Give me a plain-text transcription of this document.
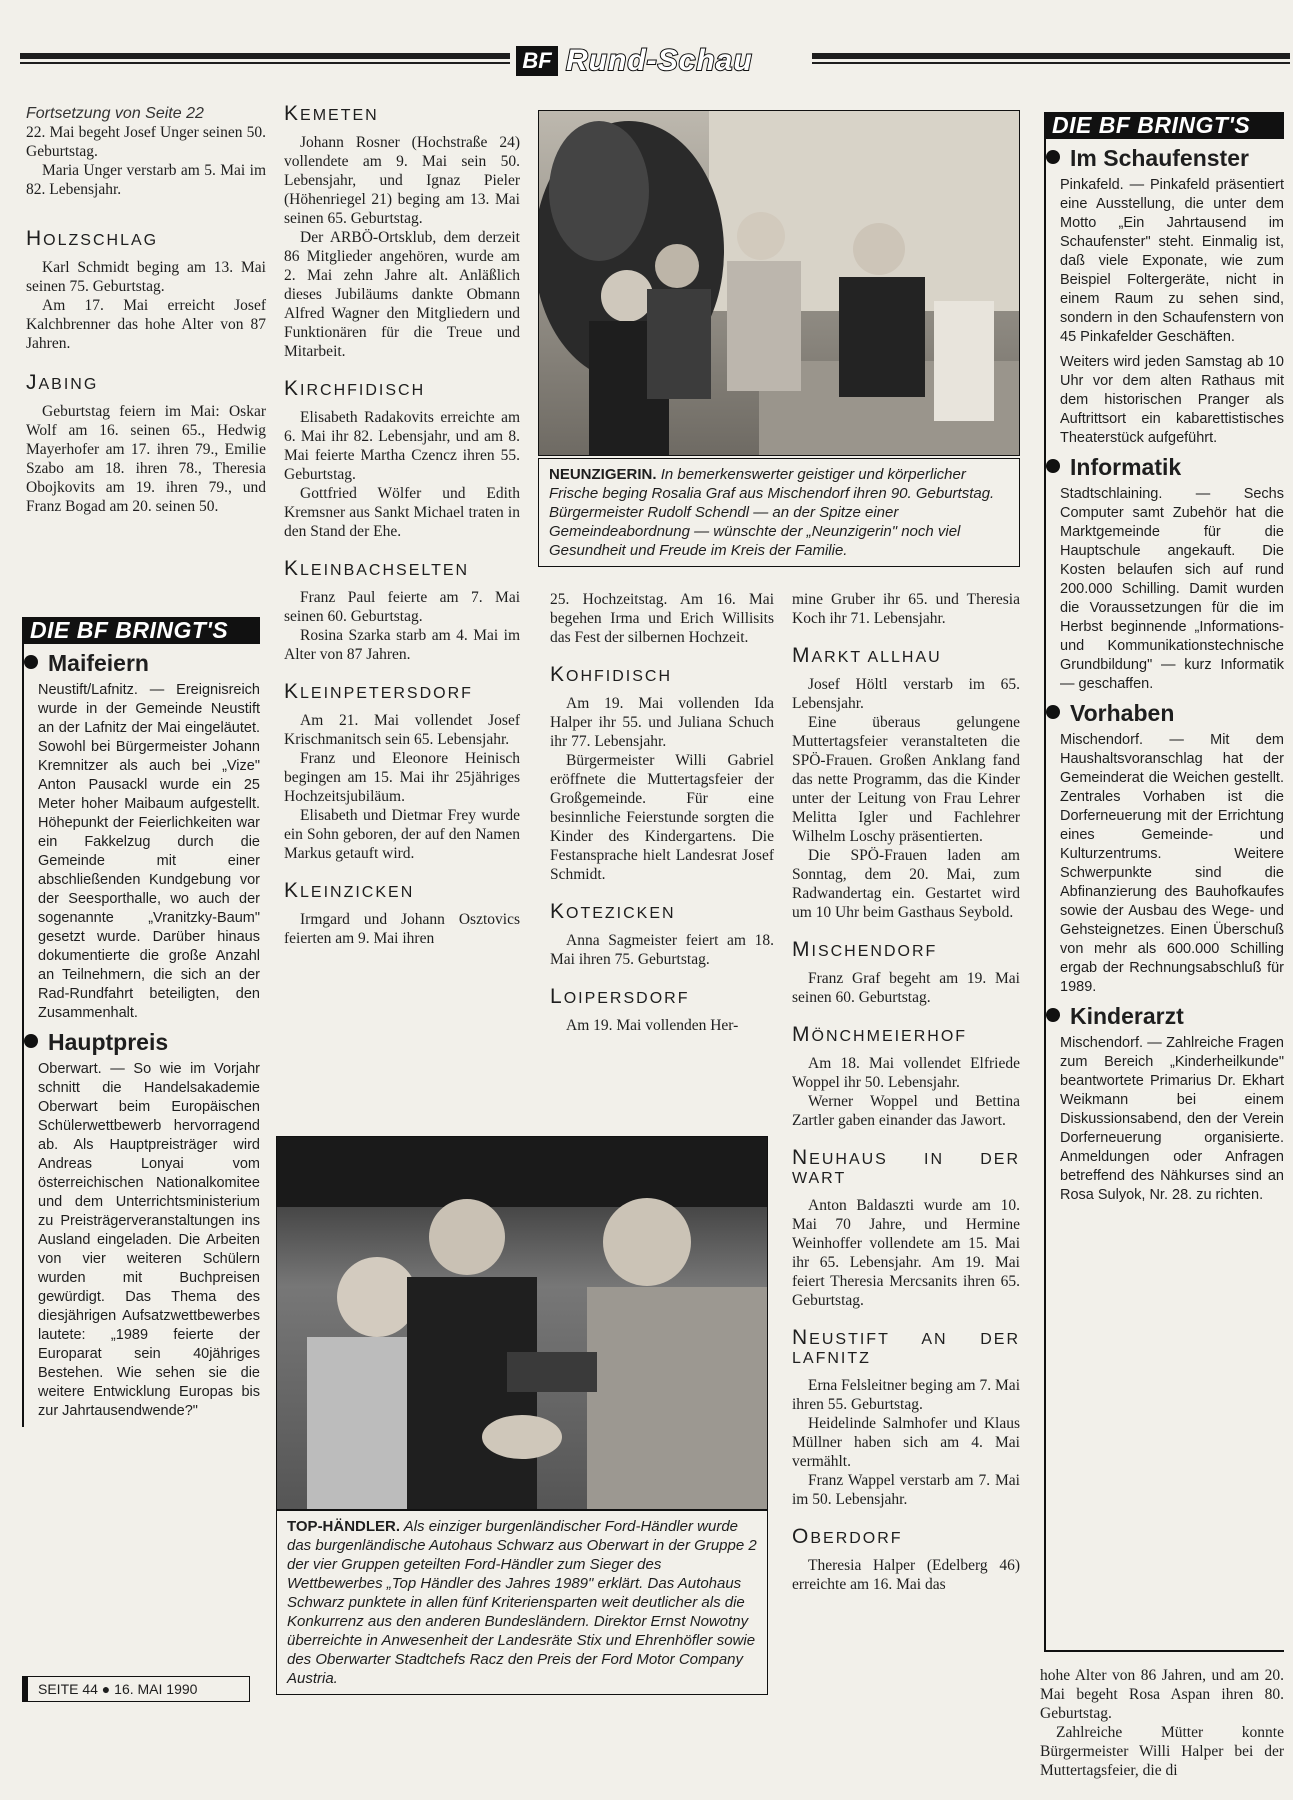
BF Rund-Schau
Fortsetzung von Seite 22

22. Mai begeht Josef Unger seinen 50. Geburtstag.

Maria Unger verstarb am 5. Mai im 82. Lebensjahr.

HOLZSCHLAG

Karl Schmidt beging am 13. Mai seinen 75. Geburtstag.

Am 17. Mai erreicht Josef Kalchbrenner das hohe Alter von 87 Jahren.

JABING

Geburtstag feiern im Mai: Oskar Wolf am 16. seinen 65., Hedwig Mayerhofer am 17. ihren 79., Emilie Szabo am 18. ihren 78., Theresia Obojkovits am 19. ihren 79., und Franz Bogad am 20. seinen 50.

DIE BF BRINGT'S
Maifeiern

Neustift/Lafnitz. — Ereignisreich wurde in der Gemeinde Neustift an der Lafnitz der Mai eingeläutet. Sowohl bei Bürgermeister Johann Kremnitzer als auch bei „Vize" Anton Pausackl wurde ein 25 Meter hoher Maibaum aufgestellt. Höhepunkt der Feierlichkeiten war ein Fakkelzug durch die Gemeinde mit einer abschließenden Kundgebung vor der Seesporthalle, wo auch der sogenannte „Vranitzky-Baum" gesetzt wurde. Darüber hinaus dokumentierte die große Anzahl an Teilnehmern, die sich an der Rad-Rundfahrt beteiligten, den Zusammenhalt.

Hauptpreis

Oberwart. — So wie im Vorjahr schnitt die Handelsakademie Oberwart beim Europäischen Schülerwettbewerb hervorragend ab. Als Hauptpreisträger wird Andreas Lonyai vom österreichischen Nationalkomitee und dem Unterrichtsministerium zu Preisträgerveranstaltungen ins Ausland eingeladen. Die Arbeiten von vier weiteren Schülern wurden mit Buchpreisen gewürdigt. Das Thema des diesjährigen Aufsatzwettbewerbes lautete: „1989 feierte der Europarat sein 40jähriges Bestehen. Wie sehen sie die weitere Entwicklung Europas bis zur Jahrtausendwende?"

SEITE 44 ● 16. MAI 1990
KEMETEN

Johann Rosner (Hochstraße 24) vollendete am 9. Mai sein 50. Lebensjahr, und Ignaz Pieler (Höhenriegel 21) beging am 13. Mai seinen 65. Geburtstag.

Der ARBÖ-Ortsklub, dem derzeit 86 Mitglieder angehören, wurde am 2. Mai zehn Jahre alt. Anläßlich dieses Jubiläums dankte Obmann Alfred Wagner den Mitgliedern und Funktionären für die Treue und Mitarbeit.

KIRCHFIDISCH

Elisabeth Radakovits erreichte am 6. Mai ihr 82. Lebensjahr, und am 8. Mai feierte Martha Czencz ihren 55. Geburtstag.

Gottfried Wölfer und Edith Kremsner aus Sankt Michael traten in den Stand der Ehe.

KLEINBACHSELTEN

Franz Paul feierte am 7. Mai seinen 60. Geburtstag.

Rosina Szarka starb am 4. Mai im Alter von 87 Jahren.

KLEINPETERSDORF

Am 21. Mai vollendet Josef Krischmanitsch sein 65. Lebensjahr.

Franz und Eleonore Heinisch begingen am 15. Mai ihr 25jähriges Hochzeitsjubiläum.

Elisabeth und Dietmar Frey wurde ein Sohn geboren, der auf den Namen Markus getauft wird.

KLEINZICKEN

Irmgard und Johann Osztovics feierten am 9. Mai ihren

NEUNZIGERIN. In bemerkenswerter geistiger und körperlicher Frische beging Rosalia Graf aus Mischendorf ihren 90. Geburtstag. Bürgermeister Rudolf Schendl — an der Spitze einer Gemeindeabordnung — wünschte der „Neunzigerin" noch viel Gesundheit und Freude im Kreis der Familie.

25. Hochzeitstag. Am 16. Mai begehen Irma und Erich Willisits das Fest der silbernen Hochzeit.

KOHFIDISCH

Am 19. Mai vollenden Ida Halper ihr 55. und Juliana Schuch ihr 77. Lebensjahr.

Bürgermeister Willi Gabriel eröffnete die Muttertagsfeier der Großgemeinde. Für eine besinnliche Feierstunde sorgten die Kinder des Kindergartens. Die Festansprache hielt Landesrat Josef Schmidt.

KOTEZICKEN

Anna Sagmeister feiert am 18. Mai ihren 75. Geburtstag.

LOIPERSDORF

Am 19. Mai vollenden Her-

TOP-HÄNDLER. Als einziger burgenländischer Ford-Händler wurde das burgenländische Autohaus Schwarz aus Oberwart in der Gruppe 2 der vier Gruppen geteilten Ford-Händler zum Sieger des Wettbewerbes „Top Händler des Jahres 1989" erklärt. Das Autohaus Schwarz punktete in allen fünf Kriteriensparten weit deutlicher als die Konkurrenz aus den anderen Bundesländern. Direktor Ernst Nowotny überreichte in Anwesenheit der Landesräte Stix und Ehrenhöfler sowie des Oberwarter Stadtchefs Racz den Preis der Ford Motor Company Austria.

mine Gruber ihr 65. und Theresia Koch ihr 71. Lebensjahr.

MARKT ALLHAU

Josef Höltl verstarb im 65. Lebensjahr.

Eine überaus gelungene Muttertagsfeier veranstalteten die SPÖ-Frauen. Großen Anklang fand das nette Programm, das die Kinder unter der Leitung von Frau Lehrer Melitta Igler und Fachlehrer Wilhelm Loschy präsentierten.

Die SPÖ-Frauen laden am Sonntag, dem 20. Mai, zum Radwandertag ein. Gestartet wird um 10 Uhr beim Gasthaus Seybold.

MISCHENDORF

Franz Graf begeht am 19. Mai seinen 60. Geburtstag.

MÖNCHMEIERHOF

Am 18. Mai vollendet Elfriede Woppel ihr 50. Lebensjahr.

Werner Woppel und Bettina Zartler gaben einander das Jawort.

NEUHAUS IN DER WART

Anton Baldaszti wurde am 10. Mai 70 Jahre, und Hermine Weinhoffer vollendete am 15. Mai ihr 65. Lebensjahr. Am 19. Mai feiert Theresia Mercsanits ihren 65. Geburtstag.

NEUSTIFT AN DER LAFNITZ

Erna Felsleitner beging am 7. Mai ihren 55. Geburtstag.

Heidelinde Salmhofer und Klaus Müllner haben sich am 4. Mai vermählt.

Franz Wappel verstarb am 7. Mai im 50. Lebensjahr.

OBERDORF

Theresia Halper (Edelberg 46) erreichte am 16. Mai das

DIE BF BRINGT'S
Im Schaufenster

Pinkafeld. — Pinkafeld präsentiert eine Ausstellung, die unter dem Motto „Ein Jahrtausend im Schaufenster" steht. Einmalig ist, daß viele Exponate, wie zum Beispiel Foltergeräte, nicht in einem Raum zu sehen sind, sondern in den Schaufenstern von 45 Pinkafelder Geschäften.

Weiters wird jeden Samstag ab 10 Uhr vor dem alten Rathaus mit dem historischen Pranger als Auftrittsort ein kabarettistisches Theaterstück aufgeführt.

Informatik

Stadtschlaining. — Sechs Computer samt Zubehör hat die Marktgemeinde für die Hauptschule angekauft. Die Kosten belaufen sich auf rund 200.000 Schilling. Damit wurden die Voraussetzungen für die im Herbst beginnende „Informations- und Kommunikationstechnische Grundbildung" — kurz Informatik — geschaffen.

Vorhaben

Mischendorf. — Mit dem Haushaltsvoranschlag hat der Gemeinderat die Weichen gestellt. Zentrales Vorhaben ist die Dorferneuerung mit der Errichtung eines Gemeinde- und Kulturzentrums. Weitere Schwerpunkte sind die Abfinanzierung des Bauhofkaufes sowie der Ausbau des Wege- und Gehsteignetzes. Einen Überschuß von mehr als 600.000 Schilling ergab der Rechnungsabschluß für 1989.

Kinderarzt

Mischendorf. — Zahlreiche Fragen zum Bereich „Kinderheilkunde" beantwortete Primarius Dr. Ekhart Weikmann bei einem Diskussionsabend, den der Verein Dorferneuerung organisierte. Anmeldungen oder Anfragen betreffend des Nähkurses sind an Rosa Sulyok, Nr. 28. zu richten.

hohe Alter von 86 Jahren, und am 20. Mai begeht Rosa Aspan ihren 80. Geburtstag.

Zahlreiche Mütter konnte Bürgermeister Willi Halper bei der Muttertagsfeier, die di
